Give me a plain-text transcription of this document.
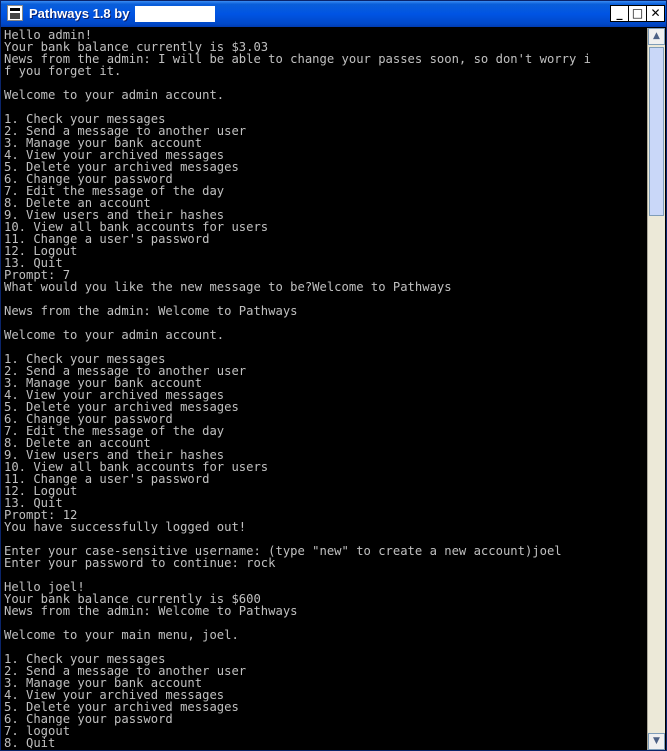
Pathways 1.8 by	_ □ ✕
Hello admin!
Your bank balance currently is $3.03
News from the admin: I will be able to change your passes soon, so don't worry i
f you forget it.
Welcome to your admin account.
1. Check your messages
2. Send a message to another user
3. Manage your bank account
4. View your archived messages
5. Delete your archived messages
6. Change your password
7. Edit the message of the day
8. Delete an account
9. View users and their hashes
10. View all bank accounts for users
11. Change a user's password
12. Logout
13. Quit
Prompt: 7
What would you like the new message to be?Welcome to Pathways
News from the admin: Welcome to Pathways
Welcome to your admin account.
1. Check your messages
2. Send a message to another user
3. Manage your bank account
4. View your archived messages
5. Delete your archived messages
6. Change your password
7. Edit the message of the day
8. Delete an account
9. View users and their hashes
10. View all bank accounts for users
11. Change a user's password
12. Logout
13. Quit
Prompt: 12
You have successfully logged out!
Enter your case-sensitive username: (type "new" to create a new account)joel
Enter your password to continue: rock
Hello joel!
Your bank balance currently is $600
News from the admin: Welcome to Pathways
Welcome to your main menu, joel.
1. Check your messages
2. Send a message to another user
3. Manage your bank account
4. View your archived messages
5. Delete your archived messages
6. Change your password
7. logout
8. Quit
▲
▼
